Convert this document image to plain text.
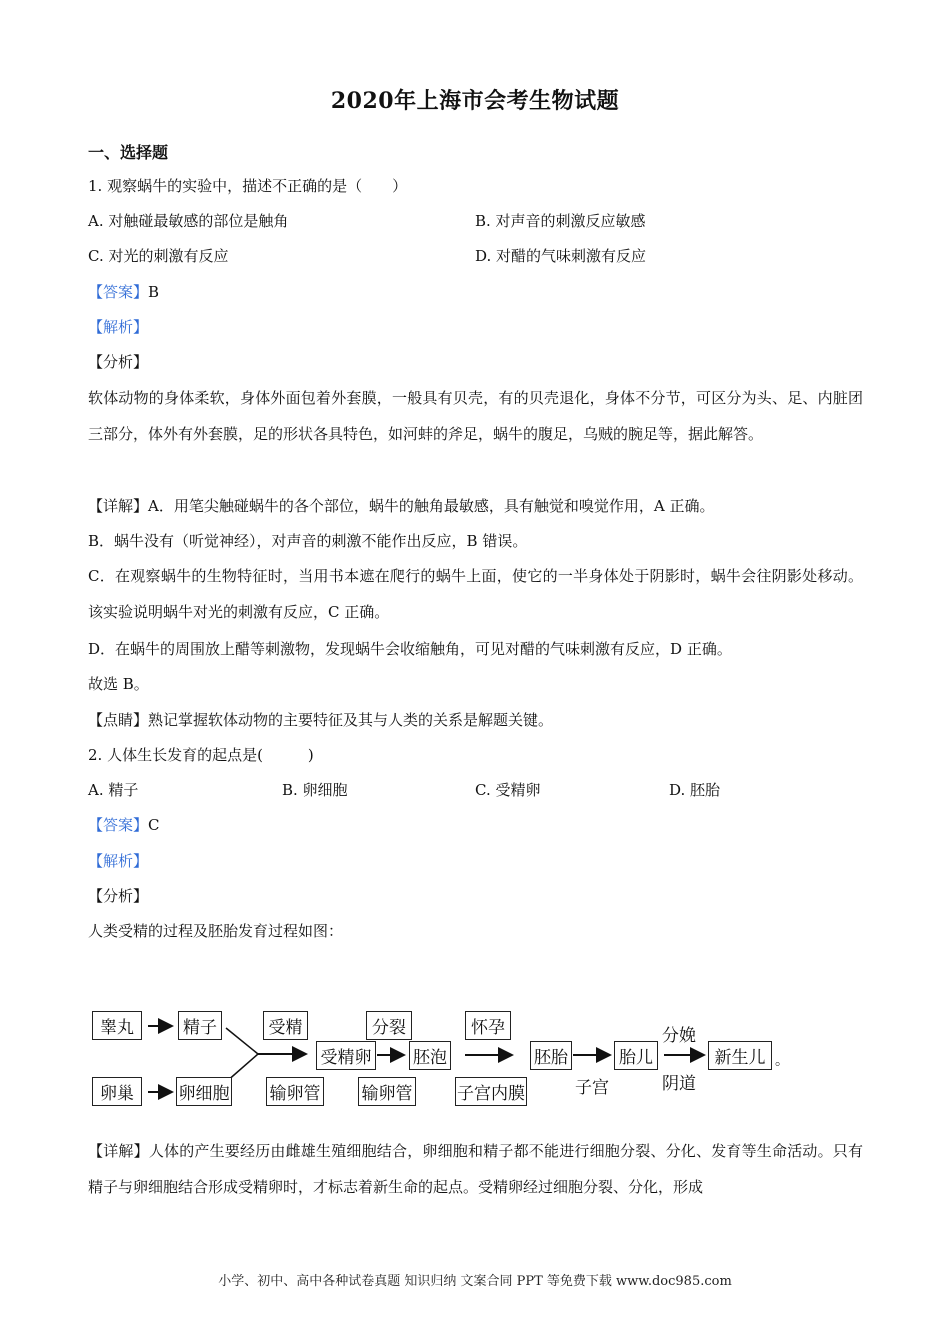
2020年上海市会考生物试题
一、选择题
1. 观察蜗牛的实验中，描述不正确的是（　　）
A. 对触碰最敏感的部位是触角	B. 对声音的刺激反应敏感
C. 对光的刺激有反应	D. 对醋的气味刺激有反应
【答案】B
【解析】
【分析】
软体动物的身体柔软，身体外面包着外套膜，一般具有贝壳，有的贝壳退化，身体不分节，可区分为头、足、内脏团三部分，体外有外套膜，足的形状各具特色，如河蚌的斧足，蜗牛的腹足，乌贼的腕足等，据此解答。
【详解】A．用笔尖触碰蜗牛的各个部位，蜗牛的触角最敏感，具有触觉和嗅觉作用，A 正确。
B．蜗牛没有（听觉神经），对声音的刺激不能作出反应，B 错误。
C．在观察蜗牛的生物特征时，当用书本遮在爬行的蜗牛上面，使它的一半身体处于阴影时，蜗牛会往阴影处移动。该实验说明蜗牛对光的刺激有反应，C 正确。
D．在蜗牛的周围放上醋等刺激物，发现蜗牛会收缩触角，可见对醋的气味刺激有反应，D 正确。
故选 B。
【点睛】熟记掌握软体动物的主要特征及其与人类的关系是解题关键。
2. 人体生长发育的起点是(　　　)
A. 精子	B. 卵细胞	C. 受精卵	D. 胚胎
【答案】C
【解析】
【分析】
人类受精的过程及胚胎发育过程如图：
睾丸	精子
卵巢	卵细胞
受精
输卵管
受精卵
分裂
输卵管
胚泡
怀孕
子宫内膜
胚胎
子宫
胎儿
分娩
阴道
新生儿 。
【详解】人体的产生要经历由雌雄生殖细胞结合，卵细胞和精子都不能进行细胞分裂、分化、发育等生命活动。只有精子与卵细胞结合形成受精卵时，才标志着新生命的起点。受精卵经过细胞分裂、分化，形成
小学、初中、高中各种试卷真题 知识归纳 文案合同 PPT 等免费下载 www.doc985.com
